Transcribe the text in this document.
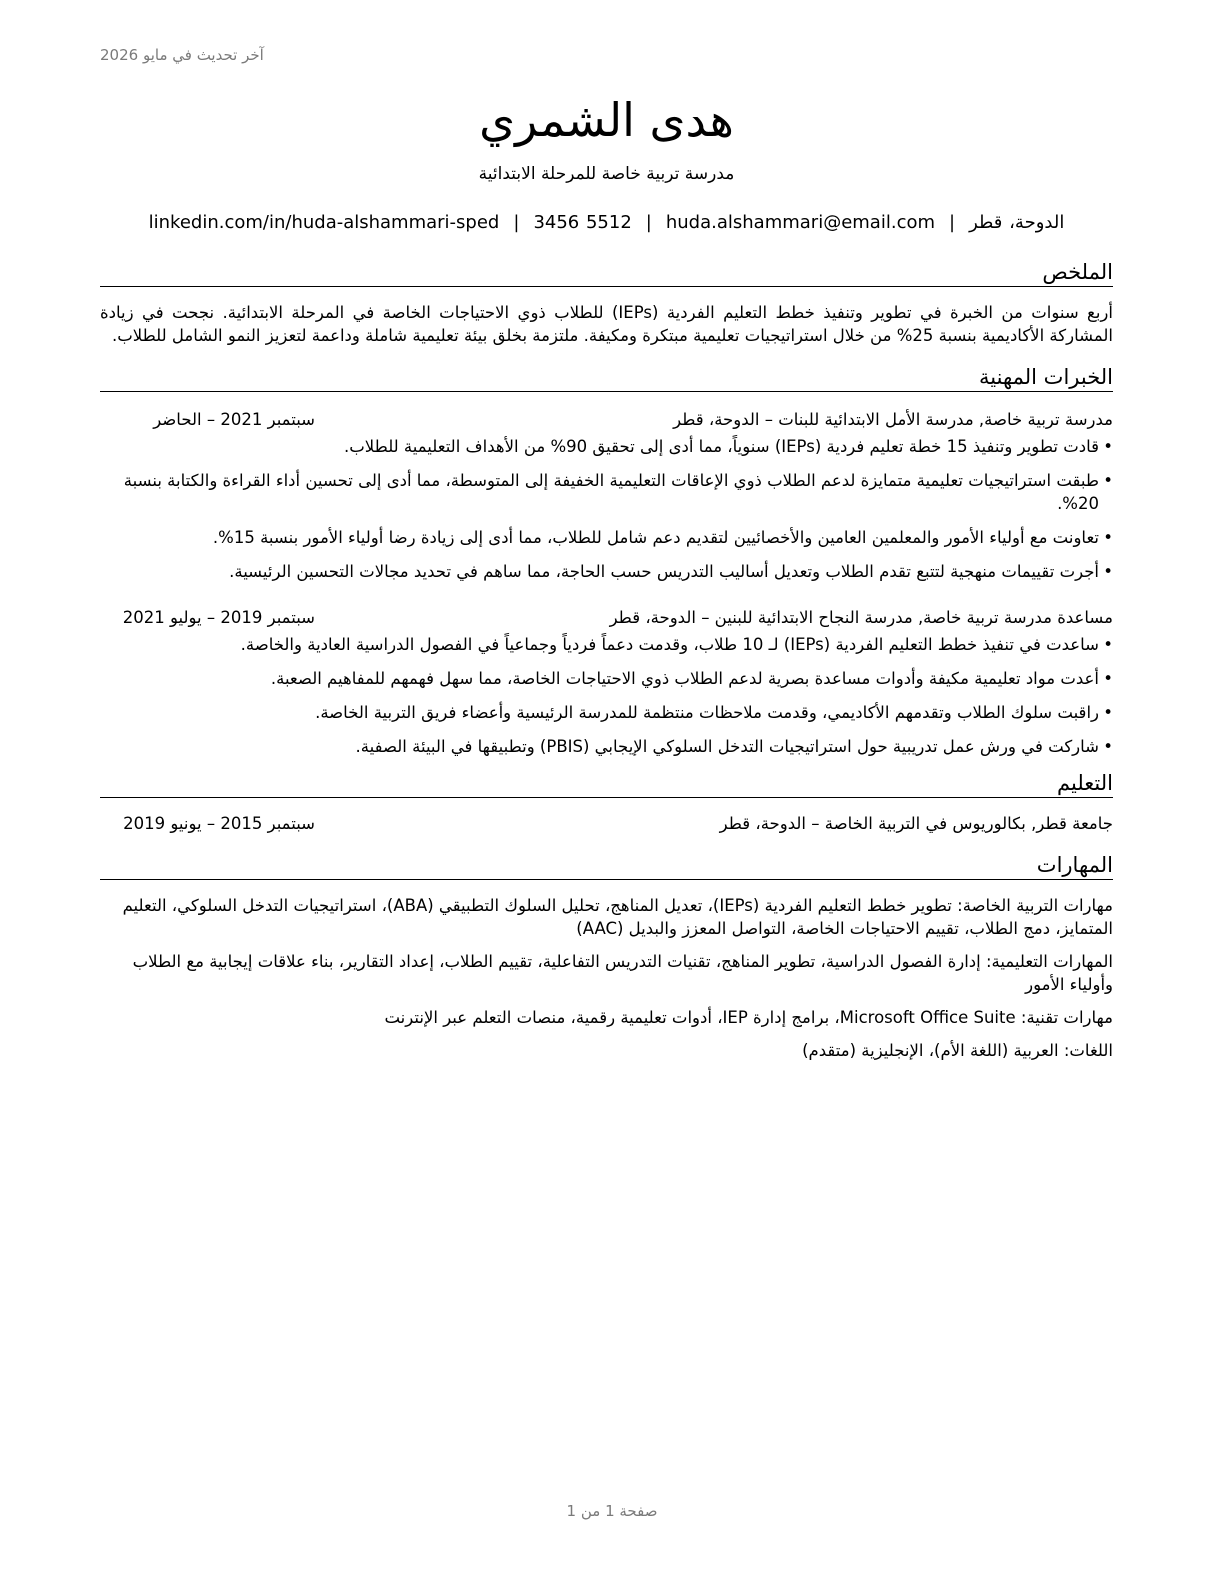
آخر تحديث في مايو 2026
هدى الشمري
مدرسة تربية خاصة للمرحلة الابتدائية
linkedin.com/in/huda-alshammari-sped | 3456 5512 | huda.alshammari@email.com | الدوحة، قطر
الملخص
أربع سنوات من الخبرة في تطوير وتنفيذ خطط التعليم الفردية (IEPs) للطلاب ذوي الاحتياجات الخاصة في المرحلة الابتدائية. نجحت في زيادة المشاركة الأكاديمية بنسبة 25% من خلال استراتيجيات تعليمية مبتكرة ومكيفة. ملتزمة بخلق بيئة تعليمية شاملة وداعمة لتعزيز النمو الشامل للطلاب.
الخبرات المهنية
مدرسة تربية خاصة, مدرسة الأمل الابتدائية للبنات – الدوحة، قطر
سبتمبر 2021 – الحاضر
• قادت تطوير وتنفيذ 15 خطة تعليم فردية (IEPs) سنوياً، مما أدى إلى تحقيق 90% من الأهداف التعليمية للطلاب.
• طبقت استراتيجيات تعليمية متمايزة لدعم الطلاب ذوي الإعاقات التعليمية الخفيفة إلى المتوسطة، مما أدى إلى تحسين أداء القراءة والكتابة بنسبة 20%.
• تعاونت مع أولياء الأمور والمعلمين العامين والأخصائيين لتقديم دعم شامل للطلاب، مما أدى إلى زيادة رضا أولياء الأمور بنسبة 15%.
• أجرت تقييمات منهجية لتتبع تقدم الطلاب وتعديل أساليب التدريس حسب الحاجة، مما ساهم في تحديد مجالات التحسين الرئيسية.
مساعدة مدرسة تربية خاصة, مدرسة النجاح الابتدائية للبنين – الدوحة، قطر
سبتمبر 2019 – يوليو 2021
• ساعدت في تنفيذ خطط التعليم الفردية (IEPs) لـ 10 طلاب، وقدمت دعماً فردياً وجماعياً في الفصول الدراسية العادية والخاصة.
• أعدت مواد تعليمية مكيفة وأدوات مساعدة بصرية لدعم الطلاب ذوي الاحتياجات الخاصة، مما سهل فهمهم للمفاهيم الصعبة.
• راقبت سلوك الطلاب وتقدمهم الأكاديمي، وقدمت ملاحظات منتظمة للمدرسة الرئيسية وأعضاء فريق التربية الخاصة.
• شاركت في ورش عمل تدريبية حول استراتيجيات التدخل السلوكي الإيجابي (PBIS) وتطبيقها في البيئة الصفية.
التعليم
جامعة قطر, بكالوريوس في التربية الخاصة – الدوحة، قطر
سبتمبر 2015 – يونيو 2019
المهارات
مهارات التربية الخاصة: تطوير خطط التعليم الفردية (IEPs)، تعديل المناهج، تحليل السلوك التطبيقي (ABA)، استراتيجيات التدخل السلوكي، التعليم المتمايز، دمج الطلاب، تقييم الاحتياجات الخاصة، التواصل المعزز والبديل (AAC)
المهارات التعليمية: إدارة الفصول الدراسية، تطوير المناهج، تقنيات التدريس التفاعلية، تقييم الطلاب، إعداد التقارير، بناء علاقات إيجابية مع الطلاب وأولياء الأمور
مهارات تقنية: Microsoft Office Suite، برامج إدارة IEP، أدوات تعليمية رقمية، منصات التعلم عبر الإنترنت
اللغات: العربية (اللغة الأم)، الإنجليزية (متقدم)
صفحة 1 من 1
